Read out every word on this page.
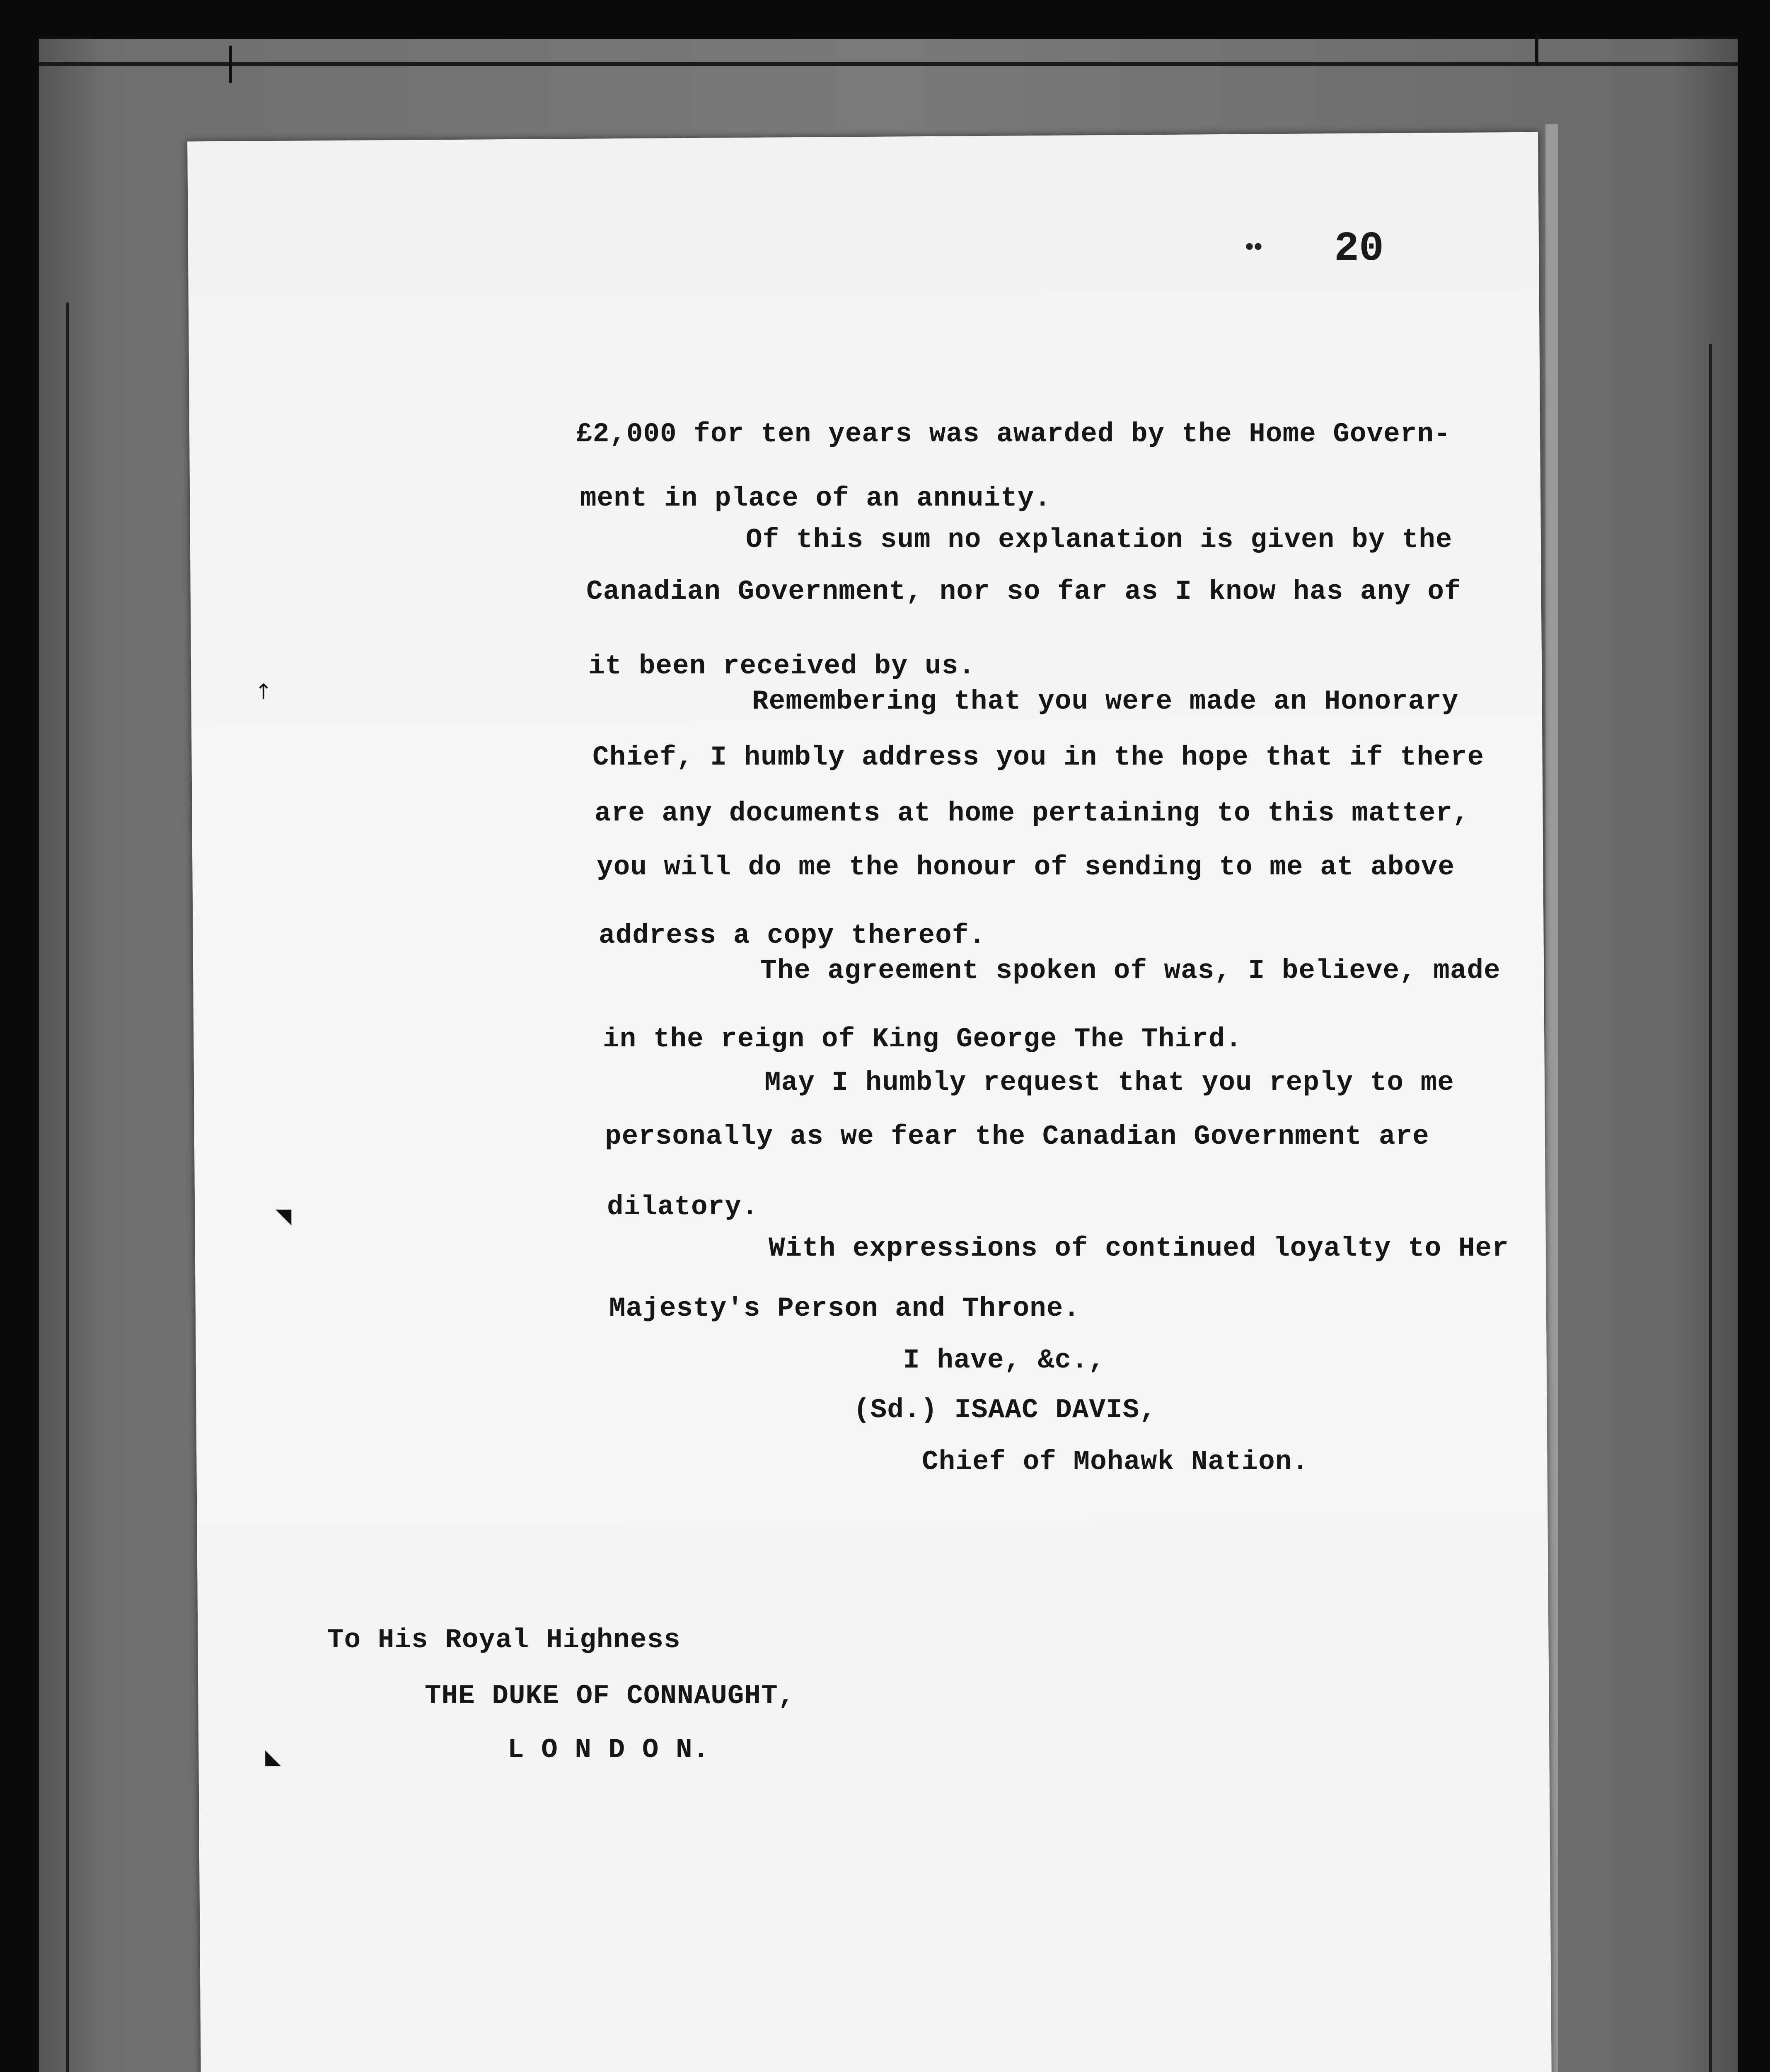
•• 20
£2,000 for ten years was awarded by the Home Govern-
ment in place of an annuity.
Of this sum no explanation is given by the
Canadian Government, nor so far as I know has any of
it been received by us.
Remembering that you were made an Honorary
Chief, I humbly address you in the hope that if there
are any documents at home pertaining to this matter,
you will do me the honour of sending to me at above
address a copy thereof.
The agreement spoken of was, I believe, made
in the reign of King George The Third.
May I humbly request that you reply to me
personally as we fear the Canadian Government are
dilatory.
With expressions of continued loyalty to Her
Majesty's Person and Throne.
I have, &c.,
(Sd.) ISAAC DAVIS,
Chief of Mohawk Nation.
To His Royal Highness
THE DUKE OF CONNAUGHT,
L O N D O N.
↑
◥
◣
